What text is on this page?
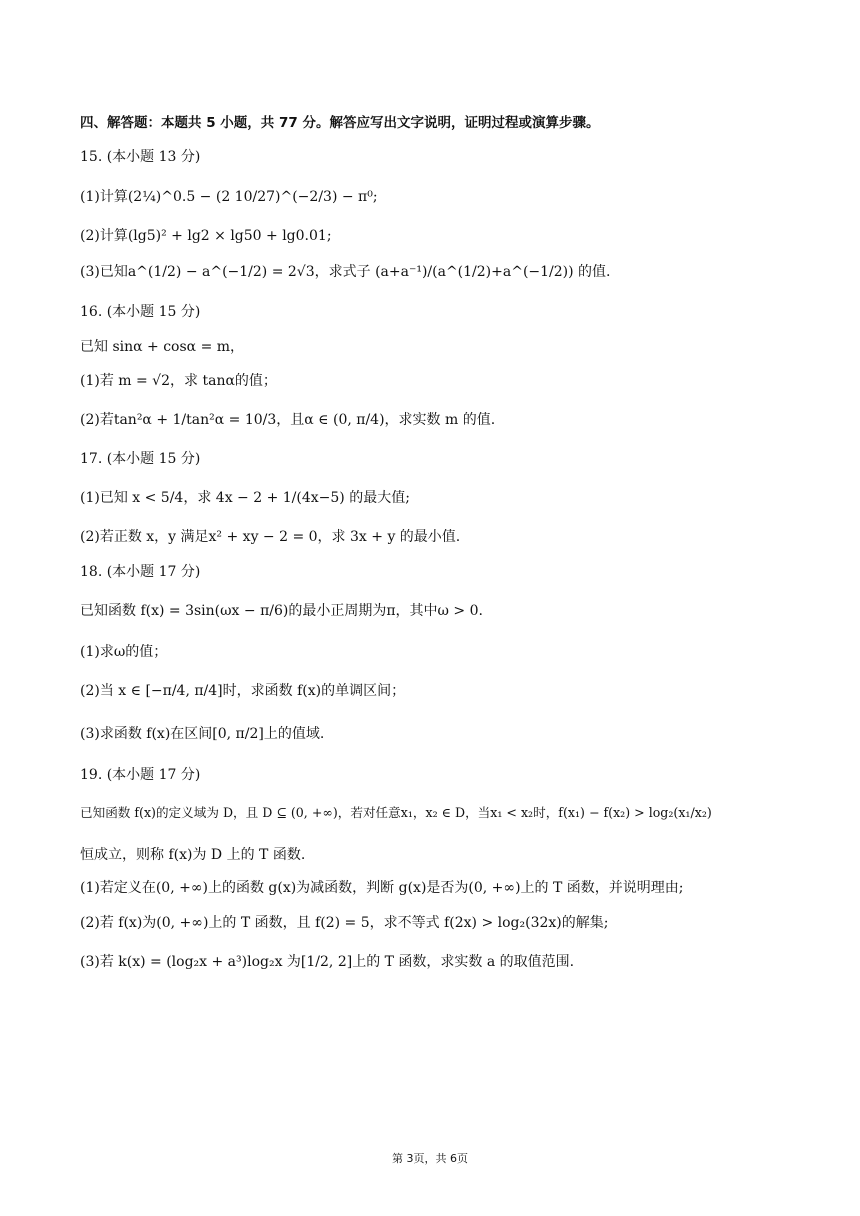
四、解答题：本题共 5 小题，共 77 分。解答应写出文字说明，证明过程或演算步骤。
15. (本小题 13 分)
(1)计算(2¼)^0.5 − (2 10/27)^(−2/3) − π⁰;
(2)计算(lg5)² + lg2 × lg50 + lg0.01;
(3)已知a^(1/2) − a^(−1/2) = 2√3，求式子 (a+a⁻¹)/(a^(1/2)+a^(−1/2)) 的值.
16. (本小题 15 分)
已知 sinα + cosα = m，
(1)若 m = √2，求 tanα的值；
(2)若tan²α + 1/tan²α = 10/3，且α ∈ (0, π/4)，求实数 m 的值.
17. (本小题 15 分)
(1)已知 x < 5/4，求 4x − 2 + 1/(4x−5) 的最大值;
(2)若正数 x，y 满足x² + xy − 2 = 0，求 3x + y 的最小值.
18. (本小题 17 分)
已知函数 f(x) = 3sin(ωx − π/6)的最小正周期为π，其中ω > 0.
(1)求ω的值；
(2)当 x ∈ [−π/4, π/4]时，求函数 f(x)的单调区间；
(3)求函数 f(x)在区间[0, π/2]上的值域.
19. (本小题 17 分)
已知函数 f(x)的定义域为 D，且 D ⊆ (0, +∞)，若对任意x₁，x₂ ∈ D，当x₁ < x₂时，f(x₁) − f(x₂) > log₂(x₁/x₂)
恒成立，则称 f(x)为 D 上的 T 函数.
(1)若定义在(0, +∞)上的函数 g(x)为减函数，判断 g(x)是否为(0, +∞)上的 T 函数，并说明理由;
(2)若 f(x)为(0, +∞)上的 T 函数，且 f(2) = 5，求不等式 f(2x) > log₂(32x)的解集;
(3)若 k(x) = (log₂x + a³)log₂x 为[1/2, 2]上的 T 函数，求实数 a 的取值范围.
第 3页，共 6页
